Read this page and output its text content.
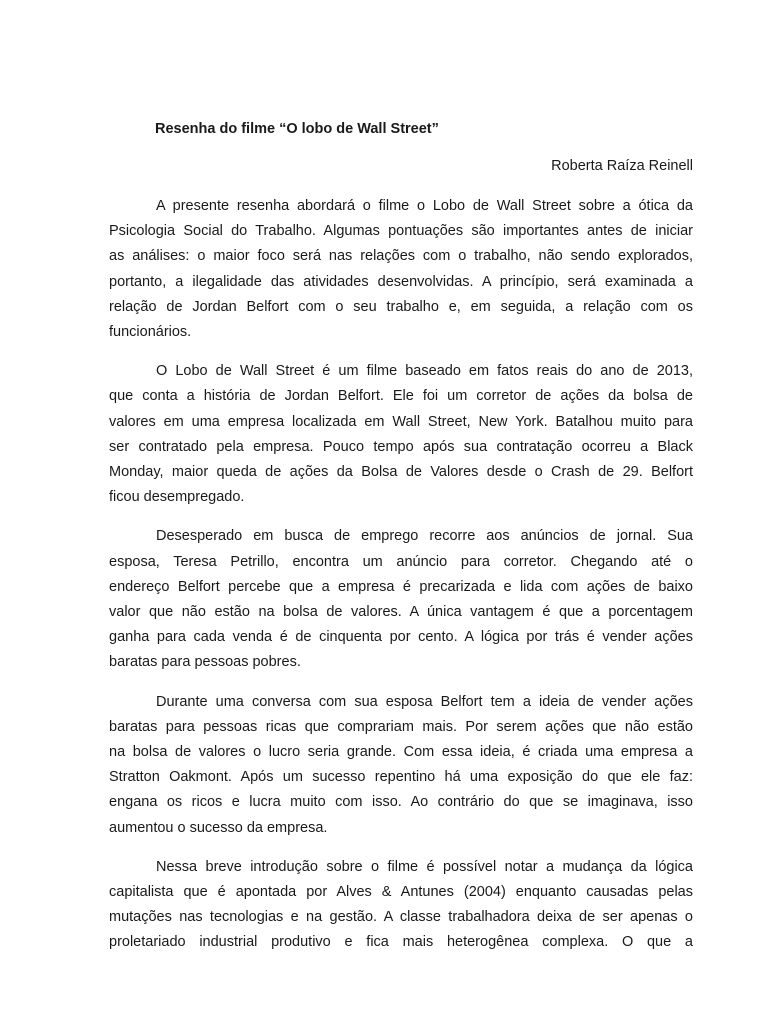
Resenha do filme “O lobo de Wall Street”
Roberta Raíza Reinell

A presente resenha abordará o filme o Lobo de Wall Street sobre a ótica da
Psicologia Social do Trabalho. Algumas pontuações são importantes antes de iniciar
as análises: o maior foco será nas relações com o trabalho, não sendo explorados,
portanto, a ilegalidade das atividades desenvolvidas. A princípio, será examinada a
relação de Jordan Belfort com o seu trabalho e, em seguida, a relação com os
funcionários.

O Lobo de Wall Street é um filme baseado em fatos reais do ano de 2013,
que conta a história de Jordan Belfort. Ele foi um corretor de ações da bolsa de
valores em uma empresa localizada em Wall Street, New York. Batalhou muito para
ser contratado pela empresa. Pouco tempo após sua contratação ocorreu a Black
Monday, maior queda de ações da Bolsa de Valores desde o Crash de 29. Belfort
ficou desempregado.

Desesperado em busca de emprego recorre aos anúncios de jornal. Sua
esposa, Teresa Petrillo, encontra um anúncio para corretor. Chegando até o
endereço Belfort percebe que a empresa é precarizada e lida com ações de baixo
valor que não estão na bolsa de valores. A única vantagem é que a porcentagem
ganha para cada venda é de cinquenta por cento. A lógica por trás é vender ações
baratas para pessoas pobres.

Durante uma conversa com sua esposa Belfort tem a ideia de vender ações
baratas para pessoas ricas que comprariam mais. Por serem ações que não estão
na bolsa de valores o lucro seria grande. Com essa ideia, é criada uma empresa a
Stratton Oakmont. Após um sucesso repentino há uma exposição do que ele faz:
engana os ricos e lucra muito com isso. Ao contrário do que se imaginava, isso
aumentou o sucesso da empresa.

Nessa breve introdução sobre o filme é possível notar a mudança da lógica
capitalista que é apontada por Alves & Antunes (2004) enquanto causadas pelas
mutações nas tecnologias e na gestão. A classe trabalhadora deixa de ser apenas o
proletariado industrial produtivo e fica mais heterogênea complexa. O que a
